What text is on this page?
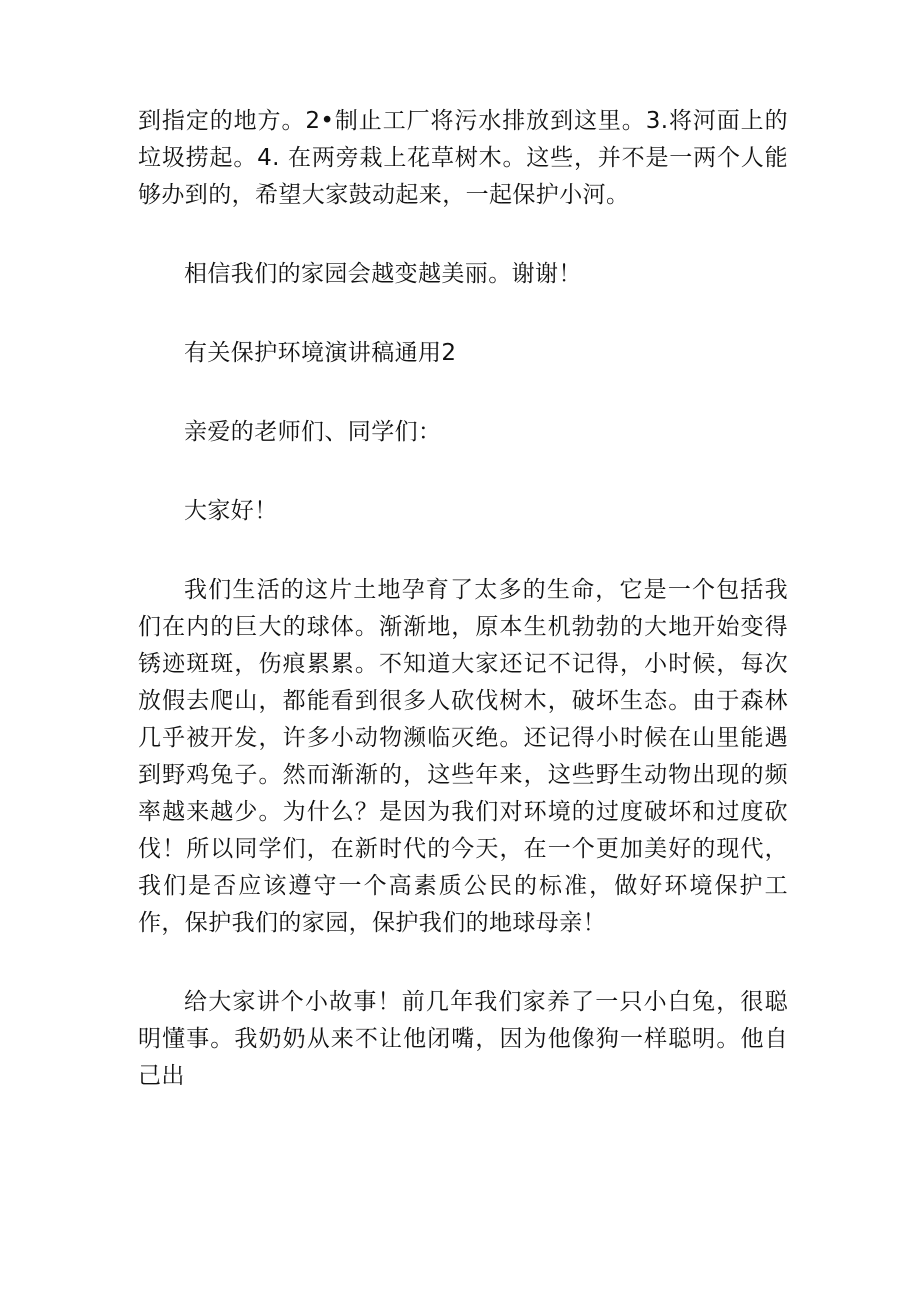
到指定的地方。2•制止工厂将污水排放到这里。3.将河面上的垃圾捞起。4. 在两旁栽上花草树木。这些，并不是一两个人能够办到的，希望大家鼓动起来，一起保护小河。

相信我们的家园会越变越美丽。谢谢！

有关保护环境演讲稿通用2

亲爱的老师们、同学们：

大家好！

我们生活的这片土地孕育了太多的生命，它是一个包括我们在内的巨大的球体。渐渐地，原本生机勃勃的大地开始变得锈迹斑斑，伤痕累累。不知道大家还记不记得，小时候，每次放假去爬山，都能看到很多人砍伐树木，破坏生态。由于森林几乎被开发，许多小动物濒临灭绝。还记得小时候在山里能遇到野鸡兔子。然而渐渐的，这些年来，这些野生动物出现的频率越来越少。为什么？是因为我们对环境的过度破坏和过度砍伐！所以同学们，在新时代的今天，在一个更加美好的现代，我们是否应该遵守一个高素质公民的标准，做好环境保护工作，保护我们的家园，保护我们的地球母亲！

给大家讲个小故事！前几年我们家养了一只小白兔，很聪明懂事。我奶奶从来不让他闭嘴，因为他像狗一样聪明。他自己出
